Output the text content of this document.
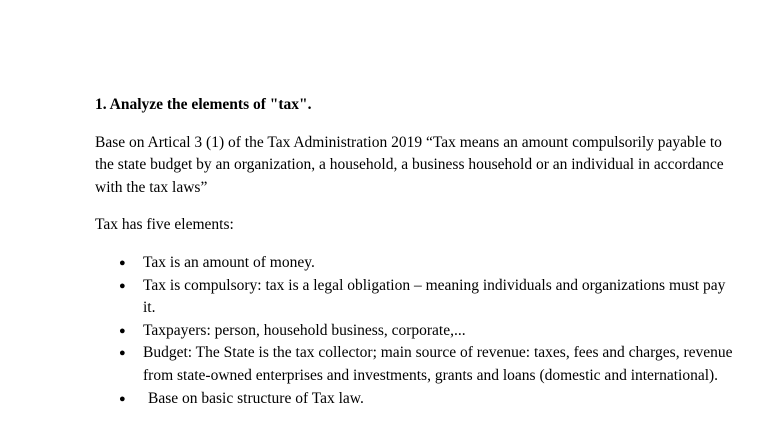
1. Analyze the elements of "tax".
Base on Artical 3 (1) of the Tax Administration 2019 “Tax means an amount compulsorily payable to the state budget by an organization, a household, a business household or an individual in accordance with the tax laws”
Tax has five elements:
● Tax is an amount of money.
● Tax is compulsory: tax is a legal obligation – meaning individuals and organizations must pay it.
● Taxpayers: person, household business, corporate,...
● Budget: The State is the tax collector; main source of revenue: taxes, fees and charges, revenue from state-owned enterprises and investments, grants and loans (domestic and international).
● Base on basic structure of Tax law.
